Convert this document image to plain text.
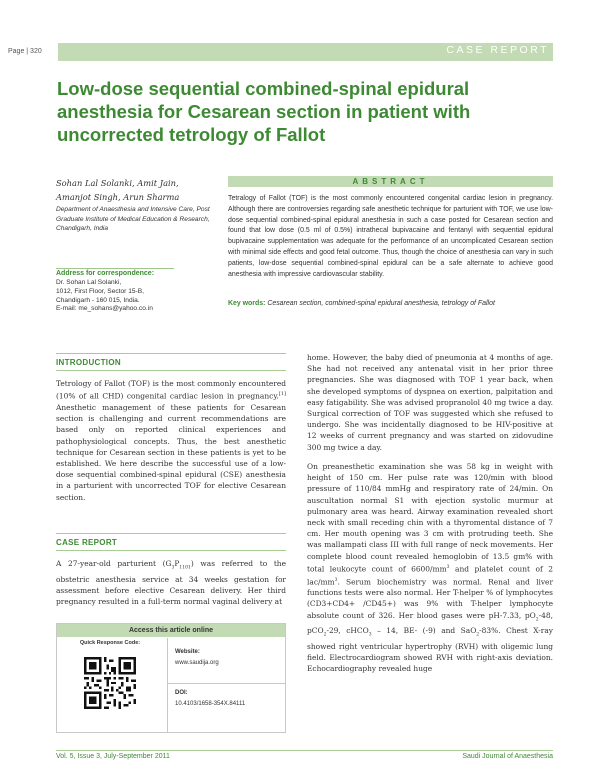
Page | 320	CASE REPORT
Low-dose sequential combined-spinal epidural anesthesia for Cesarean section in patient with uncorrected tetrology of Fallot
Sohan Lal Solanki, Amit Jain, Amanjot Singh, Arun Sharma
Department of Anaesthesia and Intensive Care, Post Graduate Institute of Medical Education & Research, Chandigarh, India
Address for correspondence:
Dr. Sohan Lal Solanki,
1012, First Floor, Sector 15-B,
Chandigarh - 160 015, India.
E-mail: me_sohans@yahoo.co.in
ABSTRACT
Tetralogy of Fallot (TOF) is the most commonly encountered congenital cardiac lesion in pregnancy. Although there are controversies regarding safe anesthetic technique for parturient with TOF, we use low-dose sequential combined-spinal epidural anesthesia in such a case posted for Cesarean section and found that low dose (0.5 ml of 0.5%) intrathecal bupivacaine and fentanyl with sequential epidural bupivacaine supplementation was adequate for the performance of an uncomplicated Cesarean section with minimal side effects and good fetal outcome. Thus, though the choice of anesthesia can vary in such patients, low-dose sequential combined-spinal epidural can be a safe alternate to achieve good anesthesia with impressive cardiovascular stability.
Key words: Cesarean section, combined-spinal epidural anesthesia, tetrology of Fallot
INTRODUCTION
Tetrology of Fallot (TOF) is the most commonly encountered (10% of all CHD) congenital cardiac lesion in pregnancy.[1] Anesthetic management of these patients for Cesarean section is challenging and current recommendations are based only on reported clinical experiences and pathophysiological concepts. Thus, the best anesthetic technique for Cesarean section in these patients is yet to be established. We here describe the successful use of a low-dose sequential combined-spinal epidural (CSE) anesthesia in a parturient with uncorrected TOF for elective Cesarean section.
CASE REPORT
A 27-year-old parturient $(G_3P_{1101})$ was referred to the obstetric anesthesia service at 34 weeks gestation for assessment before elective Cesarean delivery. Her third pregnancy resulted in a full-term normal vaginal delivery at
Access this article online
Quick Response Code:
Website:
www.saudija.org
DOI:
10.4103/1658-354X.84111
home. However, the baby died of pneumonia at 4 months of age. She had not received any antenatal visit in her prior three pregnancies. She was diagnosed with TOF 1 year back, when she developed symptoms of dyspnea on exertion, palpitation and easy fatigability. She was advised propranolol 40 mg twice a day. Surgical correction of TOF was suggested which she refused to undergo. She was incidentally diagnosed to be HIV-positive at 12 weeks of current pregnancy and was started on zidovudine 300 mg twice a day.
On preanesthetic examination she was 58 kg in weight with height of 150 cm. Her pulse rate was 120/min with blood pressure of 110/84 mmHg and respiratory rate of 24/min. On auscultation normal S1 with ejection systolic murmur at pulmonary area was heard. Airway examination revealed short neck with small receding chin with a thyromental distance of 7 cm. Her mouth opening was 3 cm with protruding teeth. She was mallampati class III with full range of neck movements. Her complete blood count revealed hemoglobin of 13.5 gm% with total leukocyte count of $6600/mm^3$ and platelet count of 2 lac/$mm^3$. Serum biochemistry was normal. Renal and liver functions tests were also normal. Her T-helper % of lymphocytes (CD3+CD4+ /CD45+) was 9% with T-helper lymphocyte absolute count of 326. Her blood gases were pH-7.33, $pO_2-48$, pCO$_2$-29, cHCO$_3$ – 14, BE- (-9) and SaO$_2$-83%. Chest X-ray showed right ventricular hypertrophy (RVH) with oligemic lung field. Electrocardiogram showed RVH with right-axis deviation. Echocardiography revealed huge
Vol. 5, Issue 3, July-September 2011	Saudi Journal of Anaesthesia
